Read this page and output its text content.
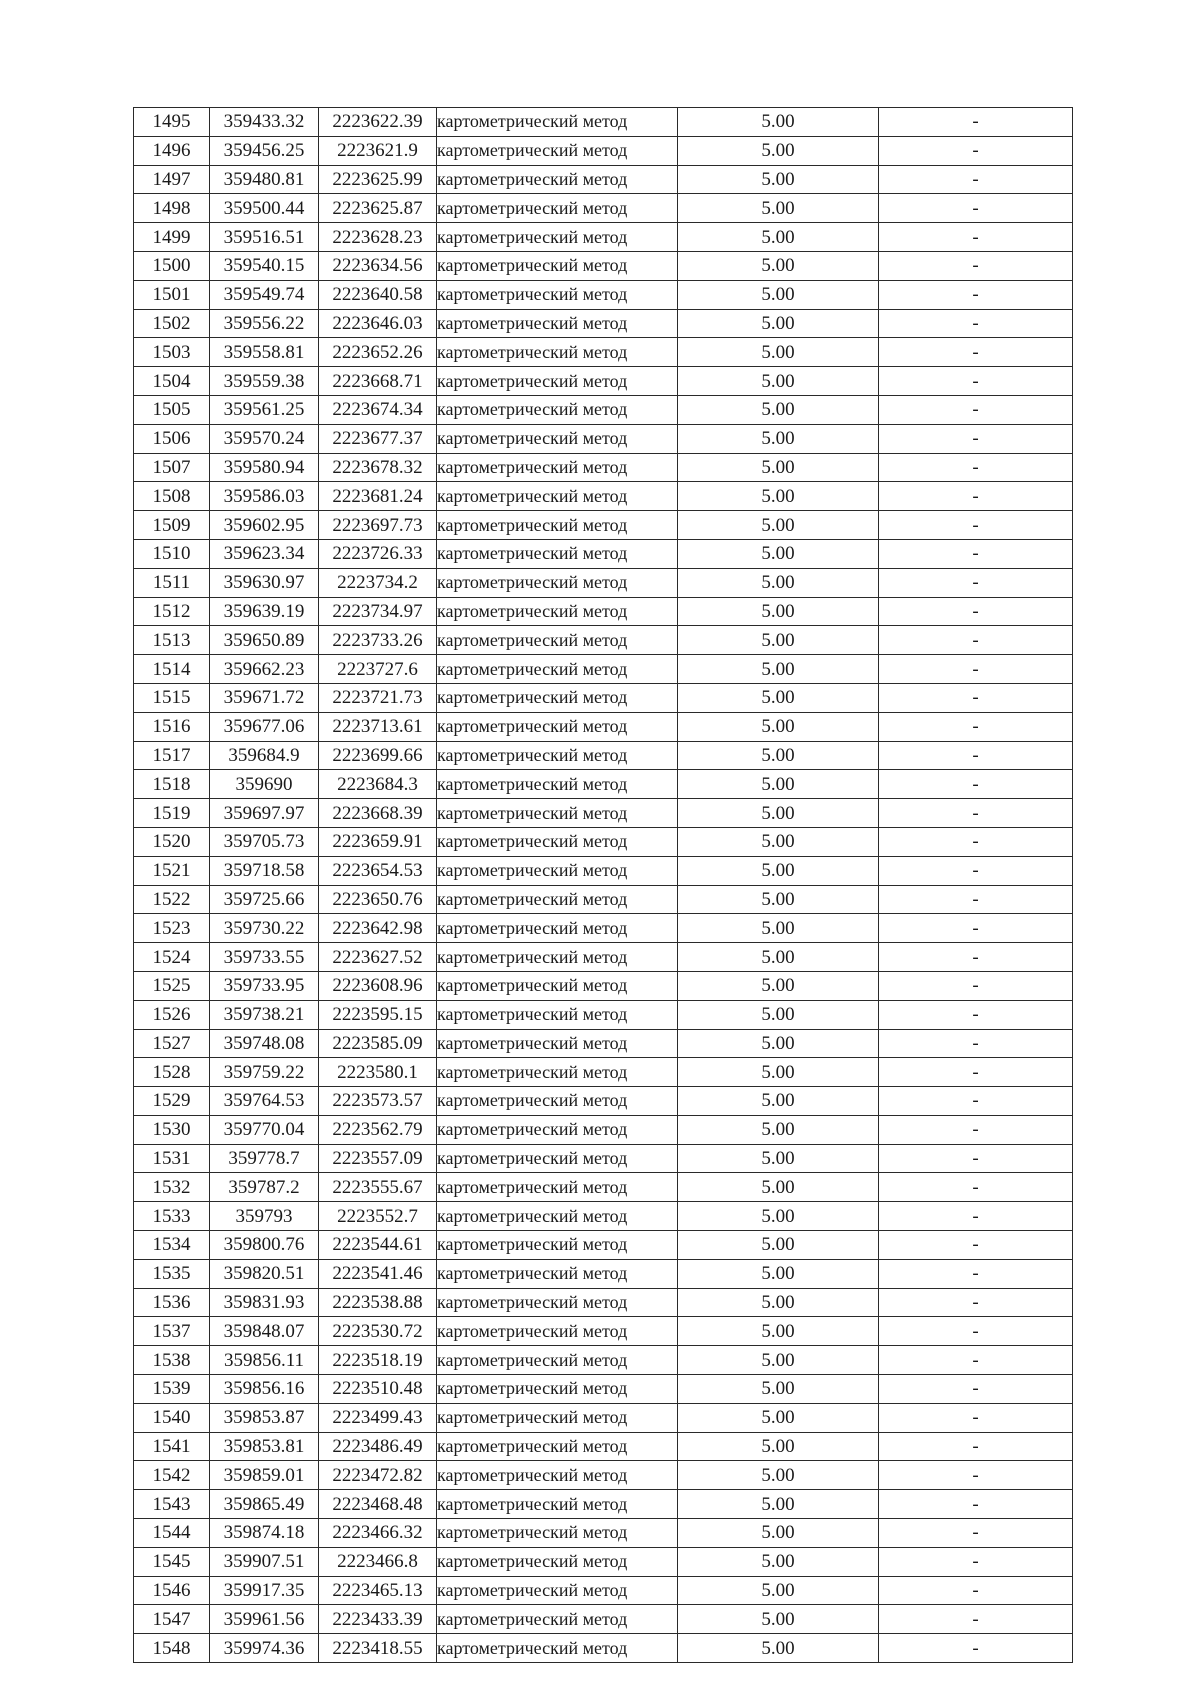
1495	359433.32	2223622.39	картометрический метод	5.00	-
1496	359456.25	2223621.9	картометрический метод	5.00	-
1497	359480.81	2223625.99	картометрический метод	5.00	-
1498	359500.44	2223625.87	картометрический метод	5.00	-
1499	359516.51	2223628.23	картометрический метод	5.00	-
1500	359540.15	2223634.56	картометрический метод	5.00	-
1501	359549.74	2223640.58	картометрический метод	5.00	-
1502	359556.22	2223646.03	картометрический метод	5.00	-
1503	359558.81	2223652.26	картометрический метод	5.00	-
1504	359559.38	2223668.71	картометрический метод	5.00	-
1505	359561.25	2223674.34	картометрический метод	5.00	-
1506	359570.24	2223677.37	картометрический метод	5.00	-
1507	359580.94	2223678.32	картометрический метод	5.00	-
1508	359586.03	2223681.24	картометрический метод	5.00	-
1509	359602.95	2223697.73	картометрический метод	5.00	-
1510	359623.34	2223726.33	картометрический метод	5.00	-
1511	359630.97	2223734.2	картометрический метод	5.00	-
1512	359639.19	2223734.97	картометрический метод	5.00	-
1513	359650.89	2223733.26	картометрический метод	5.00	-
1514	359662.23	2223727.6	картометрический метод	5.00	-
1515	359671.72	2223721.73	картометрический метод	5.00	-
1516	359677.06	2223713.61	картометрический метод	5.00	-
1517	359684.9	2223699.66	картометрический метод	5.00	-
1518	359690	2223684.3	картометрический метод	5.00	-
1519	359697.97	2223668.39	картометрический метод	5.00	-
1520	359705.73	2223659.91	картометрический метод	5.00	-
1521	359718.58	2223654.53	картометрический метод	5.00	-
1522	359725.66	2223650.76	картометрический метод	5.00	-
1523	359730.22	2223642.98	картометрический метод	5.00	-
1524	359733.55	2223627.52	картометрический метод	5.00	-
1525	359733.95	2223608.96	картометрический метод	5.00	-
1526	359738.21	2223595.15	картометрический метод	5.00	-
1527	359748.08	2223585.09	картометрический метод	5.00	-
1528	359759.22	2223580.1	картометрический метод	5.00	-
1529	359764.53	2223573.57	картометрический метод	5.00	-
1530	359770.04	2223562.79	картометрический метод	5.00	-
1531	359778.7	2223557.09	картометрический метод	5.00	-
1532	359787.2	2223555.67	картометрический метод	5.00	-
1533	359793	2223552.7	картометрический метод	5.00	-
1534	359800.76	2223544.61	картометрический метод	5.00	-
1535	359820.51	2223541.46	картометрический метод	5.00	-
1536	359831.93	2223538.88	картометрический метод	5.00	-
1537	359848.07	2223530.72	картометрический метод	5.00	-
1538	359856.11	2223518.19	картометрический метод	5.00	-
1539	359856.16	2223510.48	картометрический метод	5.00	-
1540	359853.87	2223499.43	картометрический метод	5.00	-
1541	359853.81	2223486.49	картометрический метод	5.00	-
1542	359859.01	2223472.82	картометрический метод	5.00	-
1543	359865.49	2223468.48	картометрический метод	5.00	-
1544	359874.18	2223466.32	картометрический метод	5.00	-
1545	359907.51	2223466.8	картометрический метод	5.00	-
1546	359917.35	2223465.13	картометрический метод	5.00	-
1547	359961.56	2223433.39	картометрический метод	5.00	-
1548	359974.36	2223418.55	картометрический метод	5.00	-
